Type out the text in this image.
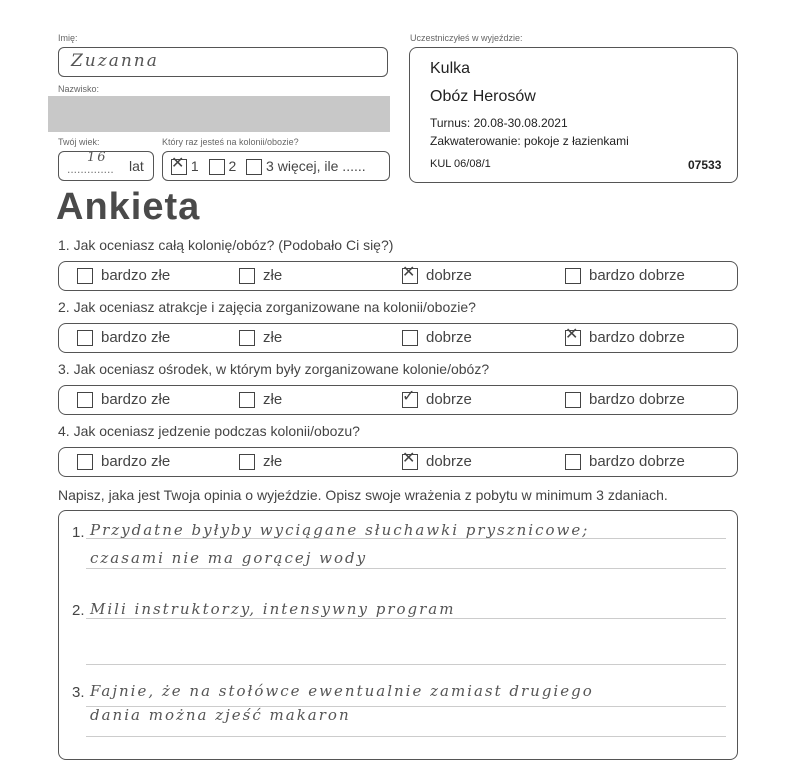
Imię:
Zuzanna
Nazwisko:
Twój wiek:
..............
16
lat
Który raz jesteś na kolonii/obozie?
✕ 1 2 3 więcej, ile ......
Uczestniczyłeś w wyjeździe:
Kulka
Obóz Herosów
Turnus: 20.08-30.08.2021
Zakwaterowanie: pokoje z łazienkami
KUL 06/08/1	07533
Ankieta
1. Jak oceniasz całą kolonię/obóz? (Podobało Ci się?)
bardzo złe	złe	✕ dobrze	bardzo dobrze
2. Jak oceniasz atrakcje i zajęcia zorganizowane na kolonii/obozie?
bardzo złe	złe	dobrze	✕ bardzo dobrze
3. Jak oceniasz ośrodek, w którym były zorganizowane kolonie/obóz?
bardzo złe	złe	✓ dobrze	bardzo dobrze
4. Jak oceniasz jedzenie podczas kolonii/obozu?
bardzo złe	złe	✕ dobrze	bardzo dobrze
Napisz, jaka jest Twoja opinia o wyjeździe. Opisz swoje wrażenia z pobytu w minimum 3 zdaniach.
1. Przydatne byłyby wyciągane słuchawki prysznicowe;
czasami nie ma gorącej wody
2. Mili instruktorzy, intensywny program
3. Fajnie, że na stołówce ewentualnie zamiast drugiego
dania można zjeść makaron
